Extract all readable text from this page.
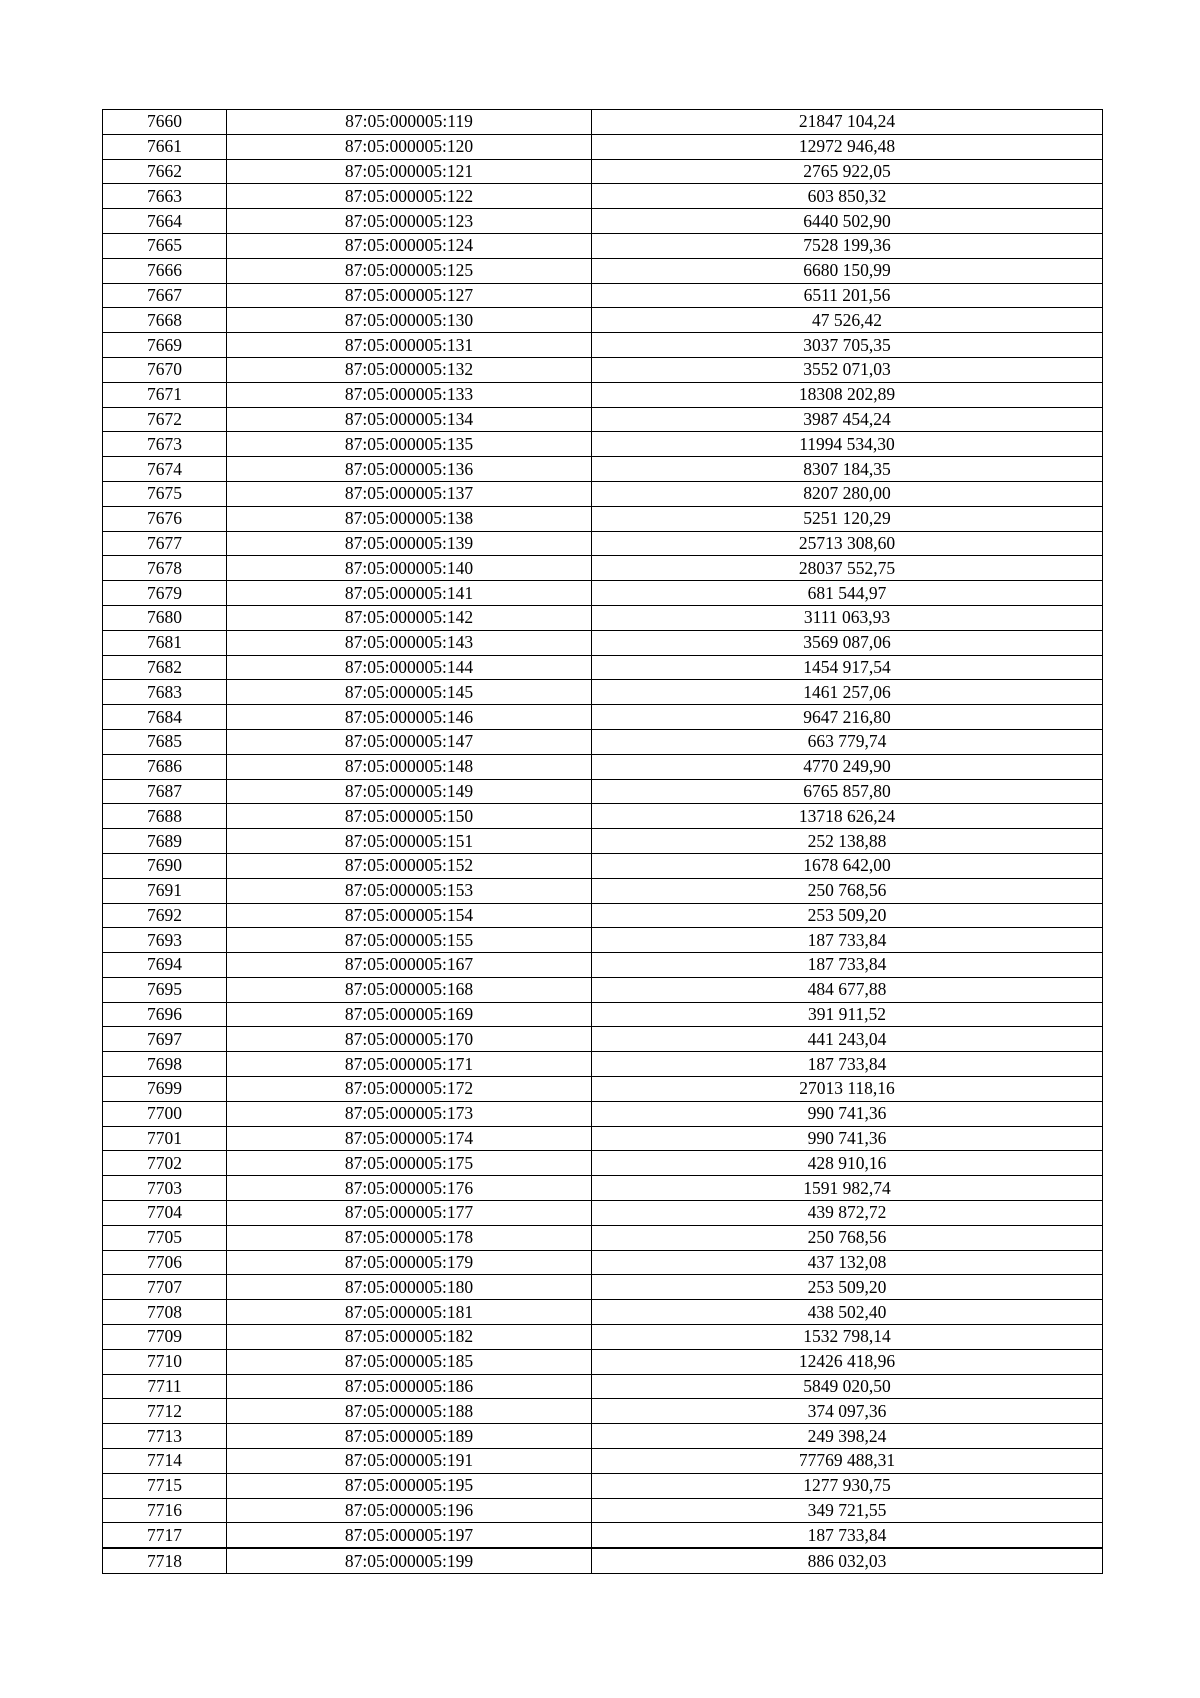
7660	87:05:000005:119	21847 104,24
7661	87:05:000005:120	12972 946,48
7662	87:05:000005:121	2765 922,05
7663	87:05:000005:122	603 850,32
7664	87:05:000005:123	6440 502,90
7665	87:05:000005:124	7528 199,36
7666	87:05:000005:125	6680 150,99
7667	87:05:000005:127	6511 201,56
7668	87:05:000005:130	47 526,42
7669	87:05:000005:131	3037 705,35
7670	87:05:000005:132	3552 071,03
7671	87:05:000005:133	18308 202,89
7672	87:05:000005:134	3987 454,24
7673	87:05:000005:135	11994 534,30
7674	87:05:000005:136	8307 184,35
7675	87:05:000005:137	8207 280,00
7676	87:05:000005:138	5251 120,29
7677	87:05:000005:139	25713 308,60
7678	87:05:000005:140	28037 552,75
7679	87:05:000005:141	681 544,97
7680	87:05:000005:142	3111 063,93
7681	87:05:000005:143	3569 087,06
7682	87:05:000005:144	1454 917,54
7683	87:05:000005:145	1461 257,06
7684	87:05:000005:146	9647 216,80
7685	87:05:000005:147	663 779,74
7686	87:05:000005:148	4770 249,90
7687	87:05:000005:149	6765 857,80
7688	87:05:000005:150	13718 626,24
7689	87:05:000005:151	252 138,88
7690	87:05:000005:152	1678 642,00
7691	87:05:000005:153	250 768,56
7692	87:05:000005:154	253 509,20
7693	87:05:000005:155	187 733,84
7694	87:05:000005:167	187 733,84
7695	87:05:000005:168	484 677,88
7696	87:05:000005:169	391 911,52
7697	87:05:000005:170	441 243,04
7698	87:05:000005:171	187 733,84
7699	87:05:000005:172	27013 118,16
7700	87:05:000005:173	990 741,36
7701	87:05:000005:174	990 741,36
7702	87:05:000005:175	428 910,16
7703	87:05:000005:176	1591 982,74
7704	87:05:000005:177	439 872,72
7705	87:05:000005:178	250 768,56
7706	87:05:000005:179	437 132,08
7707	87:05:000005:180	253 509,20
7708	87:05:000005:181	438 502,40
7709	87:05:000005:182	1532 798,14
7710	87:05:000005:185	12426 418,96
7711	87:05:000005:186	5849 020,50
7712	87:05:000005:188	374 097,36
7713	87:05:000005:189	249 398,24
7714	87:05:000005:191	77769 488,31
7715	87:05:000005:195	1277 930,75
7716	87:05:000005:196	349 721,55
7717	87:05:000005:197	187 733,84
7718	87:05:000005:199	886 032,03
